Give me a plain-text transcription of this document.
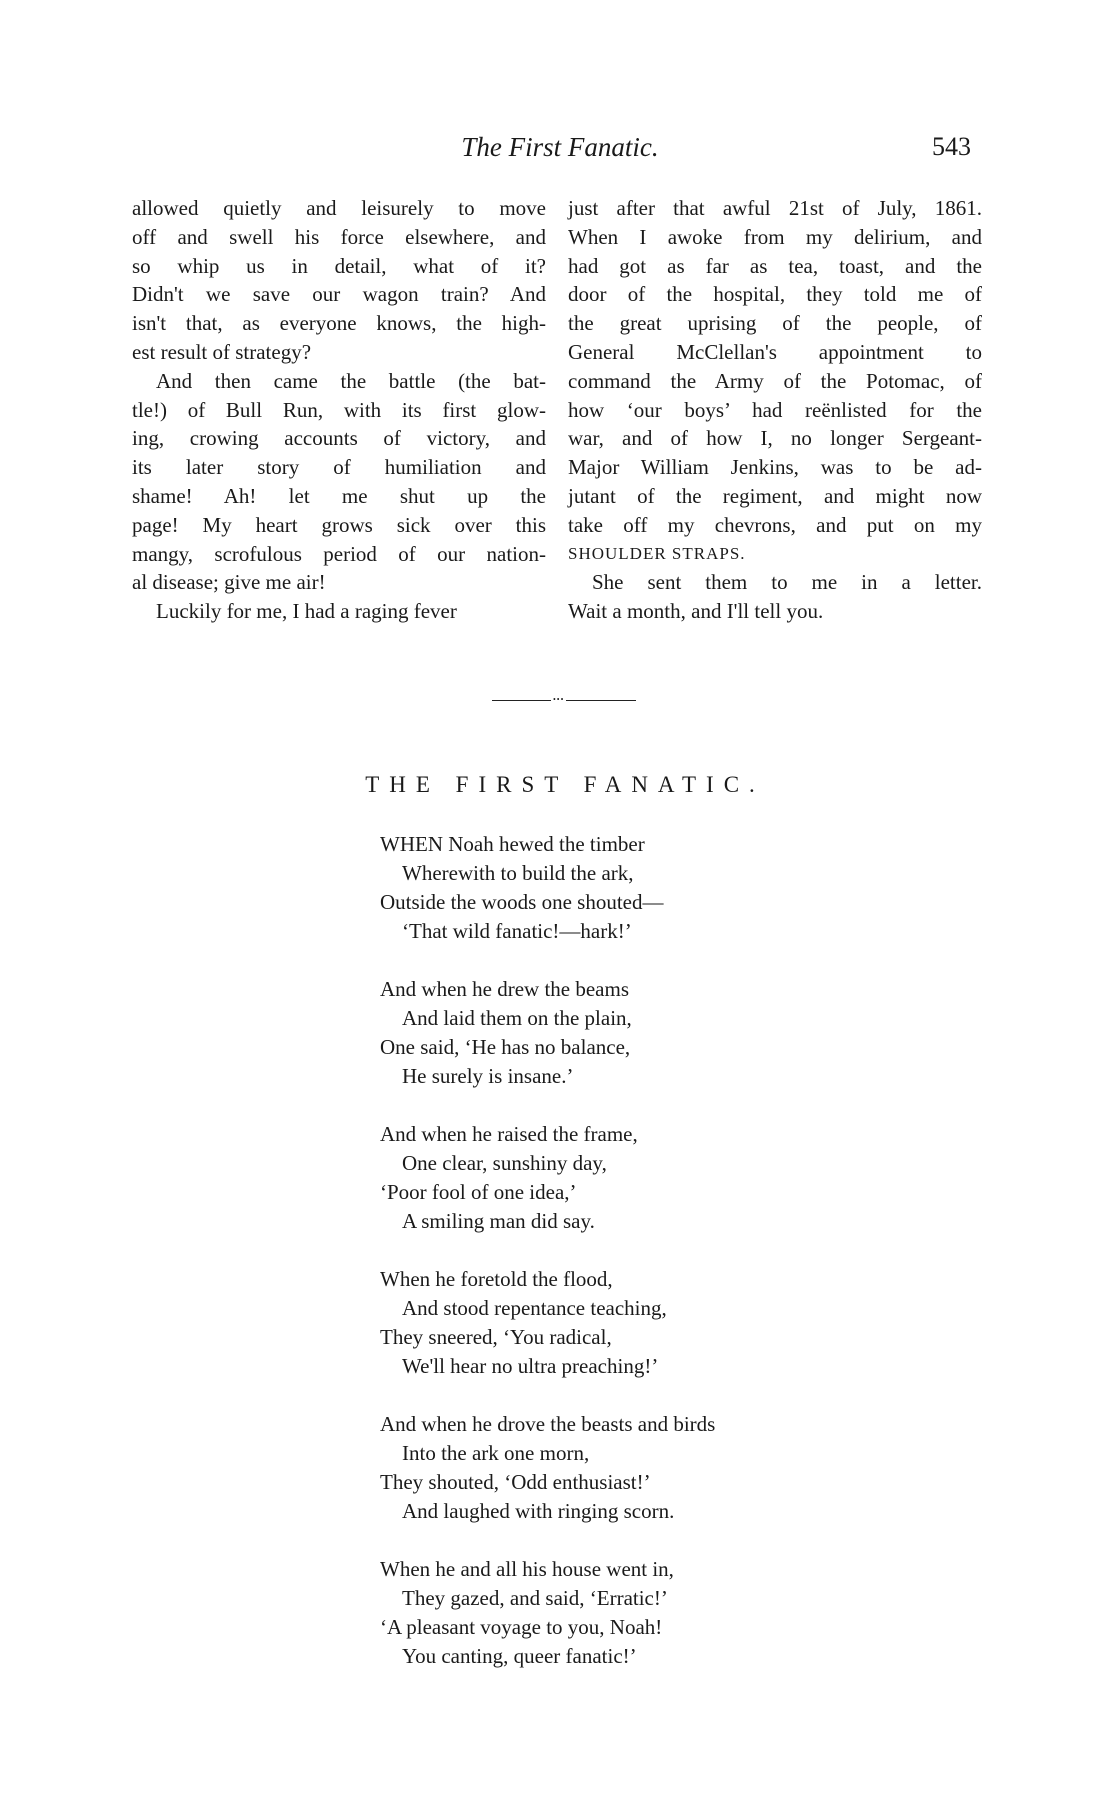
The First Fanatic.	543

allowed quietly and leisurely to move

off and swell his force elsewhere, and

so whip us in detail, what of it?

Didn't we save our wagon train? And

isn't that, as everyone knows, the high-

est result of strategy?

And then came the battle (the bat-

tle!) of Bull Run, with its first glow-

ing, crowing accounts of victory, and

its later story of humiliation and

shame! Ah! let me shut up the

page! My heart grows sick over this

mangy, scrofulous period of our nation-

al disease; give me air!

Luckily for me, I had a raging fever

just after that awful 21st of July, 1861.

When I awoke from my delirium, and

had got as far as tea, toast, and the

door of the hospital, they told me of

the great uprising of the people, of

General McClellan's appointment to

command the Army of the Potomac, of

how ‘our boys’ had reënlisted for the

war, and of how I, no longer Sergeant-

Major William Jenkins, was to be ad-

jutant of the regiment, and might now

take off my chevrons, and put on my

SHOULDER STRAPS.

She sent them to me in a letter.

Wait a month, and I'll tell you.

•••
THE FIRST FANATIC.
WHEN Noah hewed the timber
Wherewith to build the ark,
Outside the woods one shouted—
‘That wild fanatic!—hark!’
And when he drew the beams
And laid them on the plain,
One said, ‘He has no balance,
He surely is insane.’
And when he raised the frame,
One clear, sunshiny day,
‘Poor fool of one idea,’
A smiling man did say.
When he foretold the flood,
And stood repentance teaching,
They sneered, ‘You radical,
We'll hear no ultra preaching!’
And when he drove the beasts and birds
Into the ark one morn,
They shouted, ‘Odd enthusiast!’
And laughed with ringing scorn.
When he and all his house went in,
They gazed, and said, ‘Erratic!’
‘A pleasant voyage to you, Noah!
You canting, queer fanatic!’
